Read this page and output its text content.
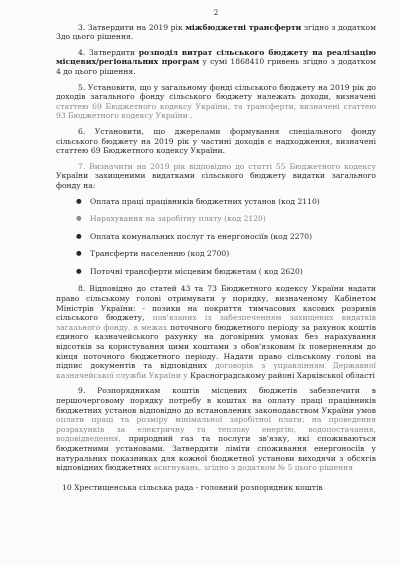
2
3. Затвердити на 2019 рік міжбюджетні трансферти згідно з додатком 3до цього рішення.
4. Затвердити розподіл витрат сільського бюджету на реалізацію місцевих/регіональних програм у сумі 1868410 гривень згідно з додатком 4 до цього рішення.
5. Установити, що у загальному фонді сільського бюджету на 2019 рік до доходів загального фонду сільського бюджету належать доходи, визначені статтею 69 Бюджетного кодексу України, та трансферти, визначені статтею 93 Бюджетного кодексу України .
6. Установити, що джерелами формування спеціального фонду сільського бюджету на 2019 рік у частині доходів є надходження, визначені статтею 69 Бюджетного кодексу України.
7. Визначити на 2019 рік відповідно до статті 55 Бюджетного кодексу України захищеними видатками сільського бюджету видатки загального фонду на:
● Оплата праці працівників бюджетних установ (код 2110)
● Нарахування на заробітну плату (код 2120)
● Оплата комунальних послуг та енергоносіїв (код 2270)
● Трансферти населенню (код 2700)
● Поточні трансферти місцевим бюджетам ( код 2620)
8. Відповідно до статей 43 та 73 Бюджетного кодексу України надати право сільському голові отримувати у порядку, визначеному Кабінетом Міністрів України: - позики на покриття тимчасових касових розривів сільського бюджету, пов'язаних із забезпеченням захищених видатків загального фонду, в межах поточного бюджетного періоду за рахунок коштів єдиного казначейського рахунку на договірних умовах без нарахування відсотків за користування цими коштами з обов'язковим їх поверненням до кінця поточного бюджетного періоду. Надати право сільському голові на підпис документів та відповідних договорів з управлінням Державної казначейської служби України у Красноградському районі Харківської області
9. Розпорядникам коштів місцевих бюджетів забезпечити в першочерговому порядку потребу в коштах на оплату праці працівників бюджетних установ відповідно до встановлених законодавством України умов оплати праці та розміру мінімальної заробітної плати; на проведення розрахунків за електричну та теплову енергію, водопостачання, водовідведення, природний газ та послуги зв'язку, які споживаються бюджетними установами. Затвердити ліміти споживання енергоносіїв у натуральних показниках для кожної бюджетної установи виходячи з обсягів відповідних бюджетних асигнувань, згідно з додатком № 5 цього рішення
10 Хрестищенська сільська рада - головний розпорядник коштів
